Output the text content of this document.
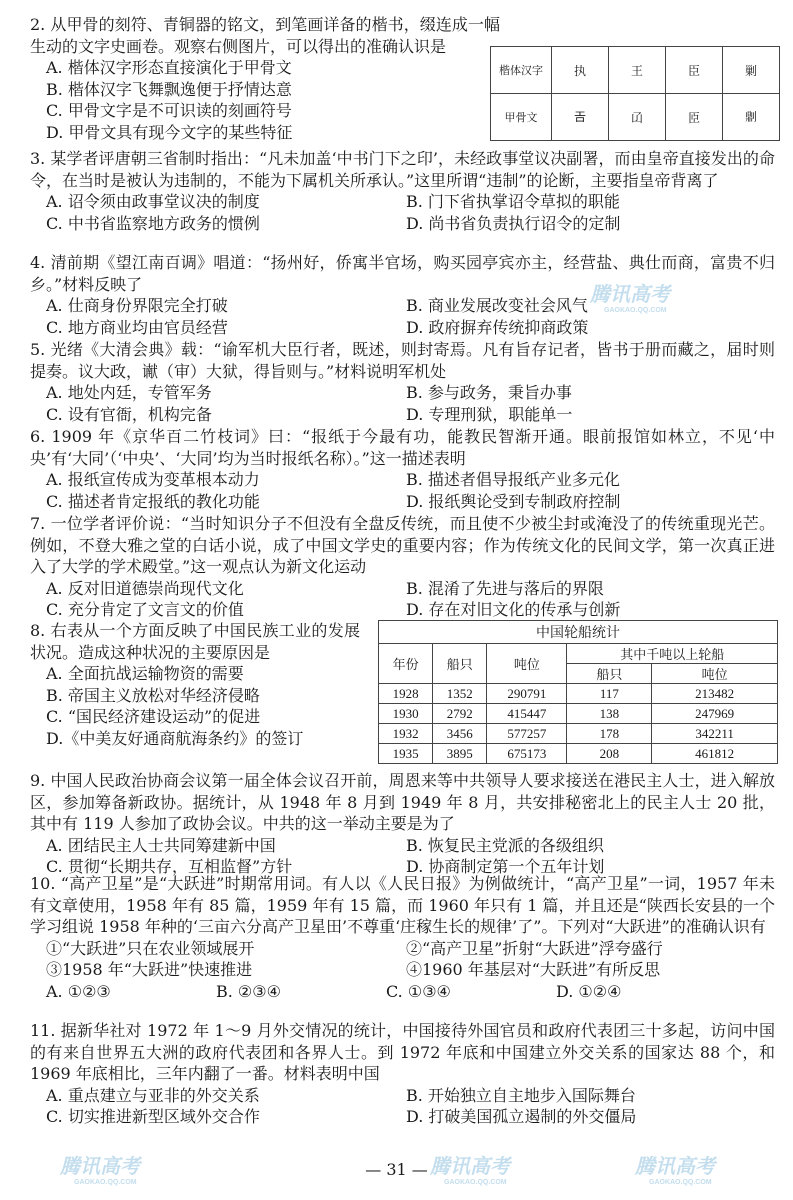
2. 从甲骨的刻符、青铜器的铭文，到笔画详备的楷书，缀连成一幅生动的文字史画卷。观察右侧图片，可以得出的准确认识是

A. 楷体汉字形态直接演化于甲骨文
B. 楷体汉字飞舞飘逸便于抒情达意
C. 甲骨文字是不可识读的刻画符号
D. 甲骨文具有现今文字的某些特征
楷体汉字	执	王	臣	剿
甲骨文	𢀛	𠙶	𦣝	𠟭

3. 某学者评唐朝三省制时指出：“凡未加盖‘中书门下之印’，未经政事堂议决副署，而由皇帝直接发出的命令，在当时是被认为违制的，不能为下属机关所承认。”这里所谓“违制”的论断，主要指皇帝背离了

A. 诏令须由政事堂议决的制度	B. 门下省执掌诏令草拟的职能
C. 中书省监察地方政务的惯例	D. 尚书省负责执行诏令的定制

4. 清前期《望江南百调》唱道：“扬州好，侨寓半官场，购买园亭宾亦主，经营盐、典仕而商，富贵不归乡。”材料反映了

A. 仕商身份界限完全打破	B. 商业发展改变社会风气
C. 地方商业均由官员经营	D. 政府摒弃传统抑商政策

5. 光绪《大清会典》载：“谕军机大臣行者，既述，则封寄焉。凡有旨存记者，皆书于册而藏之，届时则提奏。议大政，谳（审）大狱，得旨则与。”材料说明军机处

A. 地处内廷，专管军务	B. 参与政务，秉旨办事
C. 设有官衙，机构完备	D. 专理刑狱，职能单一

6. 1909 年《京华百二竹枝词》曰：“报纸于今最有功，能教民智渐开通。眼前报馆如林立，不见‘中央’有‘大同’（‘中央’、‘大同’均为当时报纸名称）。”这一描述表明

A. 报纸宣传成为变革根本动力	B. 描述者倡导报纸产业多元化
C. 描述者肯定报纸的教化功能	D. 报纸舆论受到专制政府控制

7. 一位学者评价说：“当时知识分子不但没有全盘反传统，而且使不少被尘封或淹没了的传统重现光芒。例如，不登大雅之堂的白话小说，成了中国文学史的重要内容；作为传统文化的民间文学，第一次真正进入了大学的学术殿堂。”这一观点认为新文化运动

A. 反对旧道德崇尚现代文化	B. 混淆了先进与落后的界限
C. 充分肯定了文言文的价值	D. 存在对旧文化的传承与创新

8. 右表从一个方面反映了中国民族工业的发展状况。造成这种状况的主要原因是

A. 全面抗战运输物资的需要
B. 帝国主义放松对华经济侵略
C. “国民经济建设运动”的促进
D.《中美友好通商航海条约》的签订
中国轮船统计				
年份	船只	吨位	其中千吨以上轮船	
			船只	吨位
1928	1352	290791	117	213482
1930	2792	415447	138	247969
1932	3456	577257	178	342211
1935	3895	675173	208	461812

9. 中国人民政治协商会议第一届全体会议召开前，周恩来等中共领导人要求接送在港民主人士，进入解放区，参加筹备新政协。据统计，从 1948 年 8 月到 1949 年 8 月，共安排秘密北上的民主人士 20 批，其中有 119 人参加了政协会议。中共的这一举动主要是为了

A. 团结民主人士共同筹建新中国	B. 恢复民主党派的各级组织
C. 贯彻“长期共存，互相监督”方针	D. 协商制定第一个五年计划

10. “高产卫星”是“大跃进”时期常用词。有人以《人民日报》为例做统计，“高产卫星”一词，1957 年未有文章使用，1958 年有 85 篇，1959 年有 15 篇，而 1960 年只有 1 篇，并且还是“陕西长安县的一个学习组说 1958 年种的‘三亩六分高产卫星田’不尊重‘庄稼生长的规律’了”。下列对“大跃进”的准确认识有

①“大跃进”只在农业领域展开	②“高产卫星”折射“大跃进”浮夸盛行
③1958 年“大跃进”快速推进	④1960 年基层对“大跃进”有所反思
A. ①②③	B. ②③④	C. ①③④	D. ①②④

11. 据新华社对 1972 年 1～9 月外交情况的统计，中国接待外国官员和政府代表团三十多起，访问中国的有来自世界五大洲的政府代表团和各界人士。到 1972 年底和中国建立外交关系的国家达 88 个，和 1969 年底相比，三年内翻了一番。材料表明中国

A. 重点建立与亚非的外交关系	B. 开始独立自主地步入国际舞台
C. 切实推进新型区域外交合作	D. 打破美国孤立遏制的外交僵局
腾讯高考
GAOKAO.QQ.COM
腾讯高考
GAOKAO.QQ.COM
腾讯高考
GAOKAO.QQ.COM
腾讯高考
GAOKAO.QQ.COM
— 31 —
